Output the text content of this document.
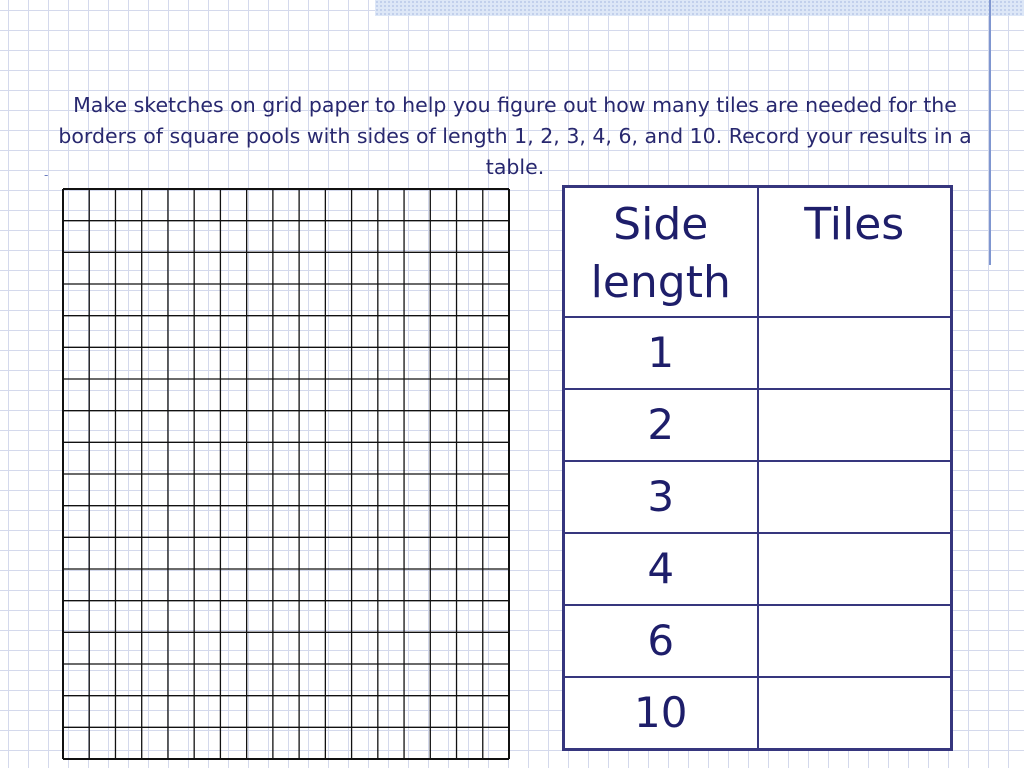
Make sketches on grid paper to help you figure out how many tiles are needed for the borders of square pools with sides of length 1, 2, 3, 4, 6, and 10. Record your results in a table.

-
Side length	Tiles
1	
2	
3	
4	
6	
10	
